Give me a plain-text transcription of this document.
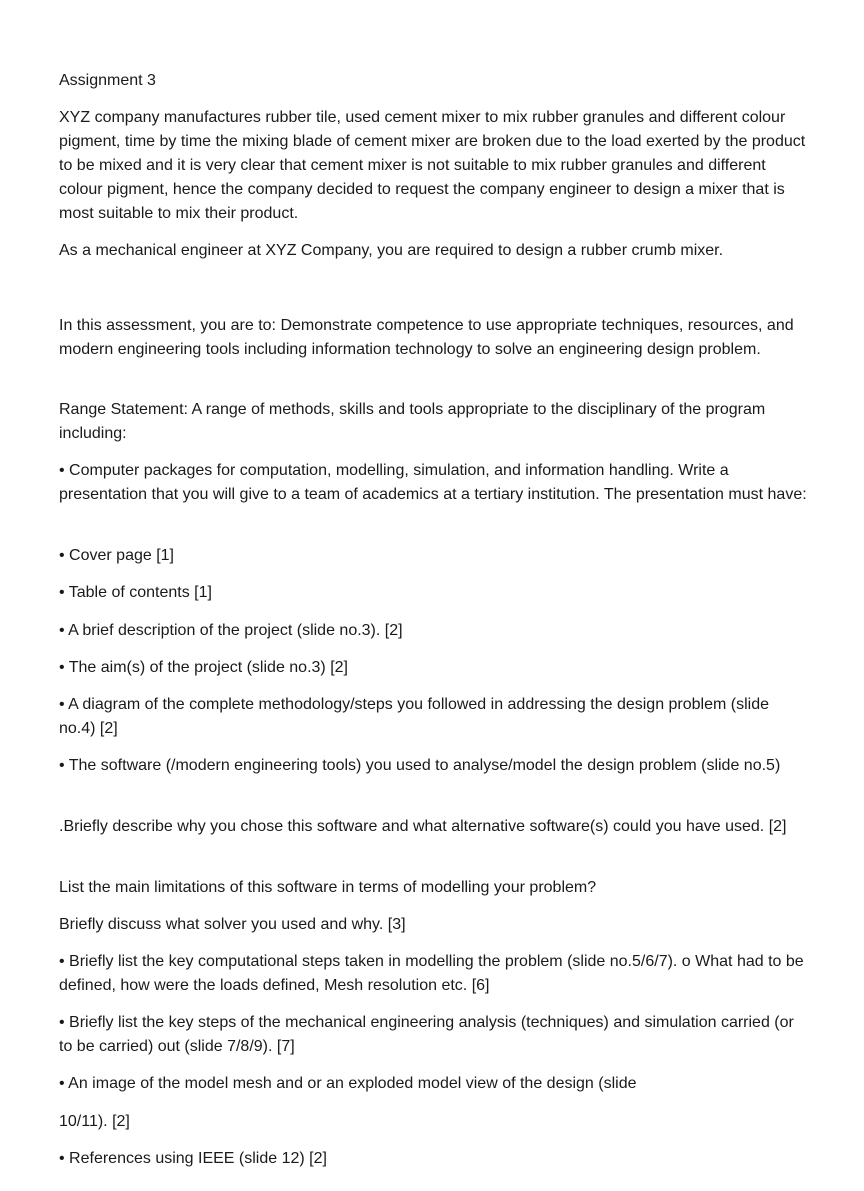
Assignment 3

XYZ company manufactures rubber tile, used cement mixer to mix rubber granules and different colour pigment, time by time the mixing blade of cement mixer are broken due to the load exerted by the product to be mixed and it is very clear that cement mixer is not suitable to mix rubber granules and different colour pigment, hence the company decided to request the company engineer to design a mixer that is most suitable to mix their product.

As a mechanical engineer at XYZ Company, you are required to design a rubber crumb mixer.

In this assessment, you are to: Demonstrate competence to use appropriate techniques, resources, and modern engineering tools including information technology to solve an engineering design problem.

Range Statement: A range of methods, skills and tools appropriate to the disciplinary of the program including:

• Computer packages for computation, modelling, simulation, and information handling. Write a presentation that you will give to a team of academics at a tertiary institution. The presentation must have:

• Cover page [1]

• Table of contents [1]

• A brief description of the project (slide no.3). [2]

• The aim(s) of the project (slide no.3) [2]

• A diagram of the complete methodology/steps you followed in addressing the design problem (slide no.4) [2]

• The software (/modern engineering tools) you used to analyse/model the design problem (slide no.5)

.Briefly describe why you chose this software and what alternative software(s) could you have used. [2]

List the main limitations of this software in terms of modelling your problem?

Briefly discuss what solver you used and why. [3]

• Briefly list the key computational steps taken in modelling the problem (slide no.5/6/7). o What had to be defined, how were the loads defined, Mesh resolution etc. [6]

• Briefly list the key steps of the mechanical engineering analysis (techniques) and simulation carried (or to be carried) out (slide 7/8/9). [7]

• An image of the model mesh and or an exploded model view of the design (slide

10/11). [2]

• References using IEEE (slide 12) [2]
